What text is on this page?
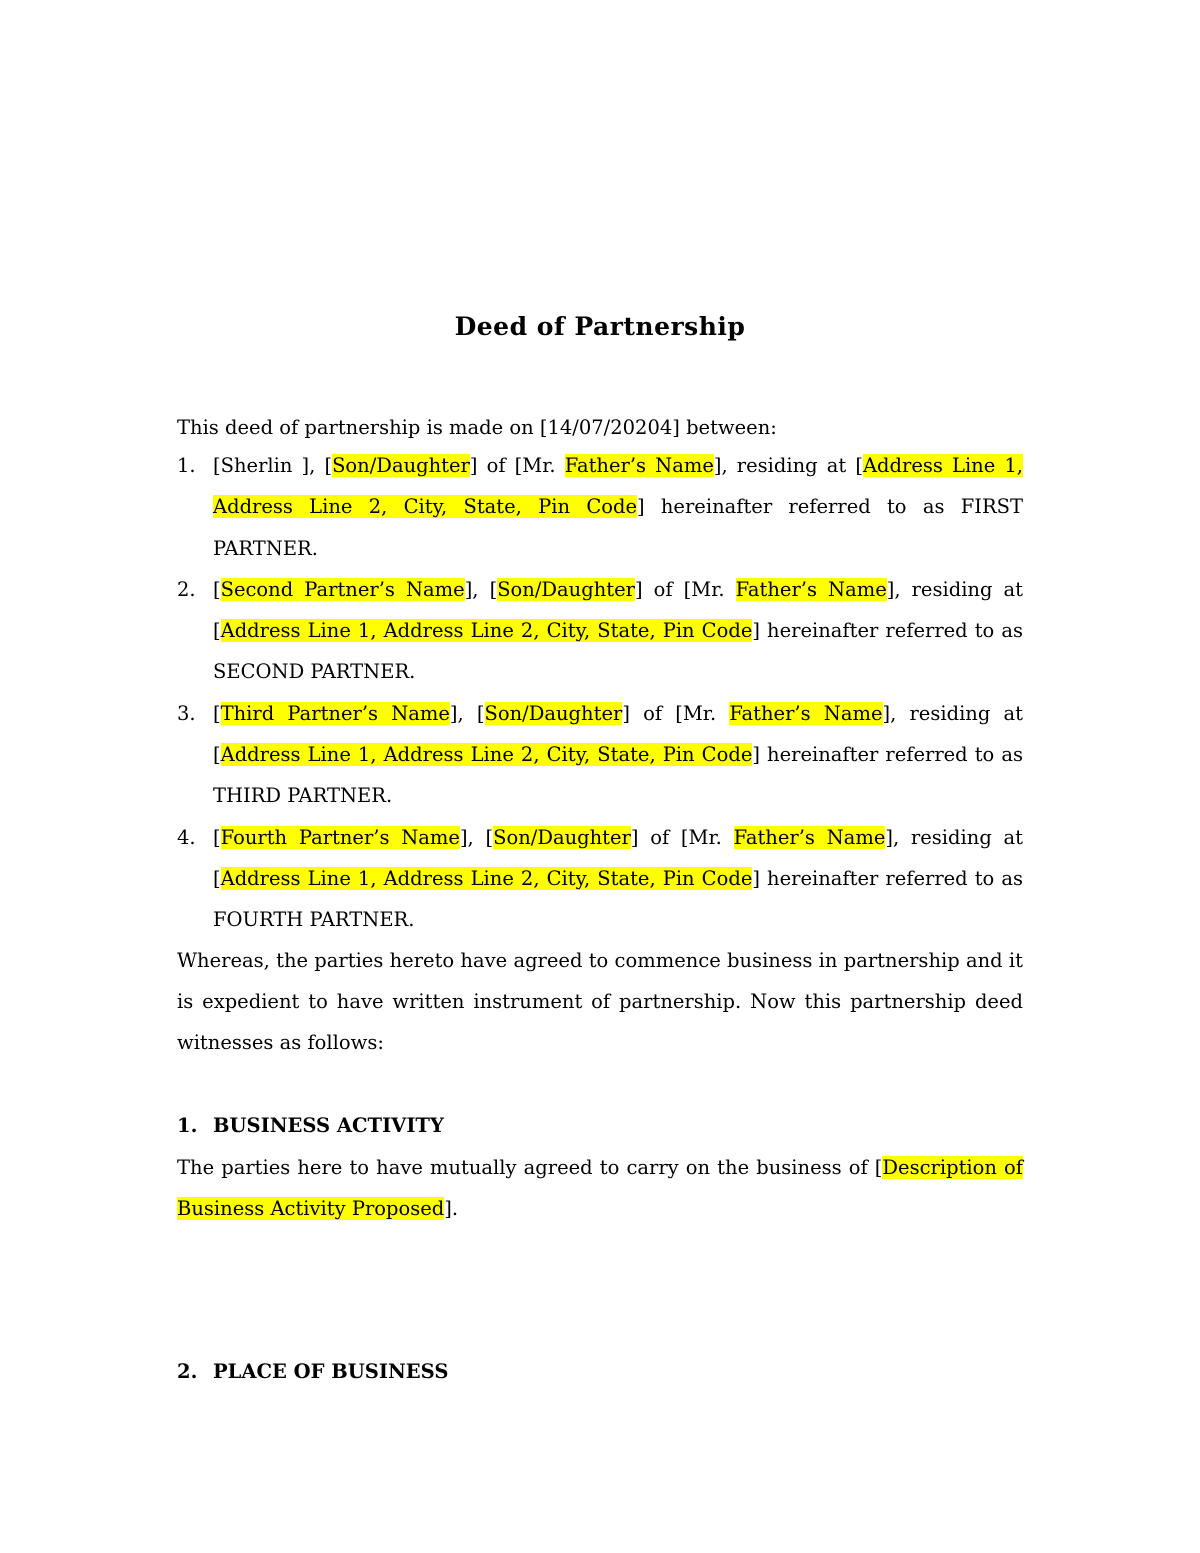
Deed of Partnership

This deed of partnership is made on [14/07/20204] between:

1. [Sherlin ], [Son/Daughter] of [Mr. Father’s Name], residing at [Address Line 1, Address Line 2, City, State, Pin Code] hereinafter referred to as FIRST PARTNER.
2. [Second Partner’s Name], [Son/Daughter] of [Mr. Father’s Name], residing at [Address Line 1, Address Line 2, City, State, Pin Code] hereinafter referred to as SECOND PARTNER.
3. [Third Partner’s Name], [Son/Daughter] of [Mr. Father’s Name], residing at [Address Line 1, Address Line 2, City, State, Pin Code] hereinafter referred to as THIRD PARTNER.
4. [Fourth Partner’s Name], [Son/Daughter] of [Mr. Father’s Name], residing at [Address Line 1, Address Line 2, City, State, Pin Code] hereinafter referred to as FOURTH PARTNER.

Whereas, the parties hereto have agreed to commence business in partnership and it is expedient to have written instrument of partnership. Now this partnership deed witnesses as follows:

1. BUSINESS ACTIVITY

The parties here to have mutually agreed to carry on the business of [Description of Business Activity Proposed].

2. PLACE OF BUSINESS
